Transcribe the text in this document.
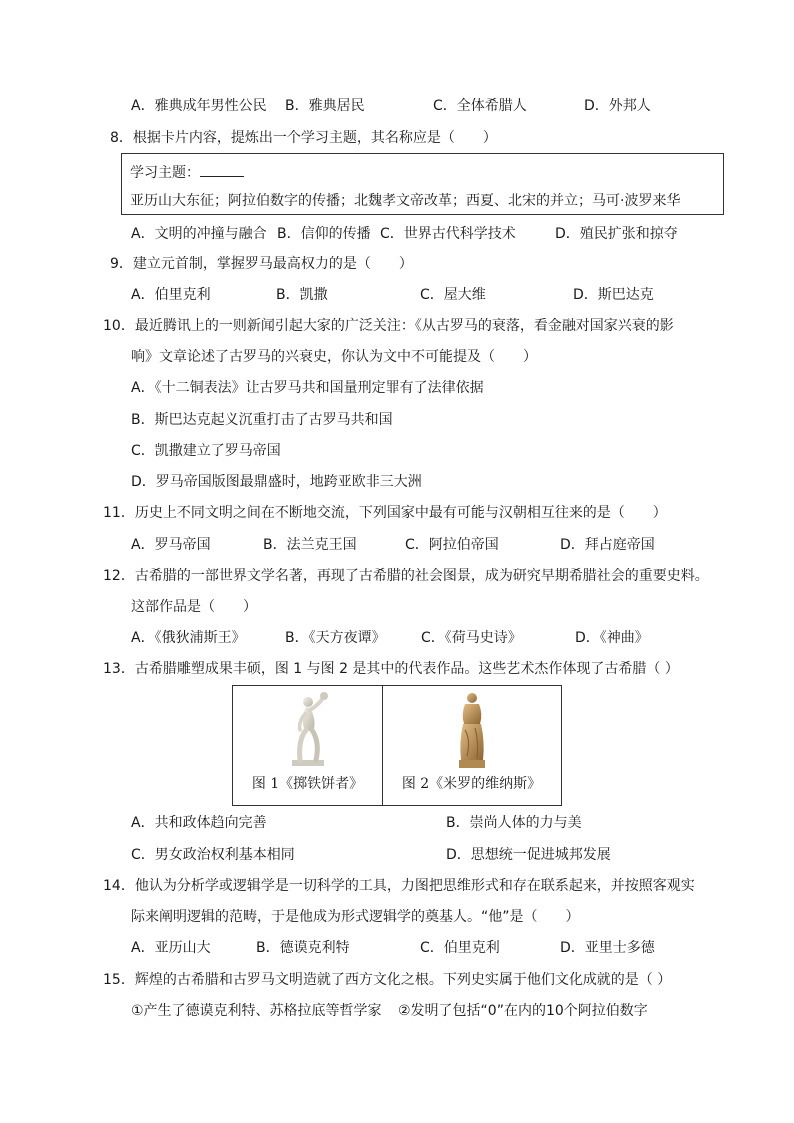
A．雅典成年男性公民 B．雅典居民	C．全体希腊人	D．外邦人
8．根据卡片内容，提炼出一个学习主题，其名称应是（　　）
学习主题：
亚历山大东征；阿拉伯数字的传播；北魏孝文帝改革；西夏、北宋的并立；马可·波罗来华
A．文明的冲撞与融合 B．信仰的传播 C．世界古代科学技术	D．殖民扩张和掠夺
9．建立元首制，掌握罗马最高权力的是（　　）
A．伯里克利	B．凯撒	C．屋大维	D．斯巴达克
10．最近腾讯上的一则新闻引起大家的广泛关注：《从古罗马的衰落，看金融对国家兴衰的影
响》文章论述了古罗马的兴衰史，你认为文中不可能提及（　　）
A．《十二铜表法》让古罗马共和国量刑定罪有了法律依据
B．斯巴达克起义沉重打击了古罗马共和国
C．凯撒建立了罗马帝国
D．罗马帝国版图最鼎盛时，地跨亚欧非三大洲
11．历史上不同文明之间在不断地交流，下列国家中最有可能与汉朝相互往来的是（　　）
A．罗马帝国	B．法兰克王国	C．阿拉伯帝国	D．拜占庭帝国
12．古希腊的一部世界文学名著，再现了古希腊的社会图景，成为研究早期希腊社会的重要史料。
这部作品是（　　）
A．《俄狄浦斯王》	B．《天方夜谭》	C．《荷马史诗》	D．《神曲》
13．古希腊雕塑成果丰硕，图 1 与图 2 是其中的代表作品。这些艺术杰作体现了古希腊（ ）
图 1《掷铁饼者》	图 2《米罗的维纳斯》
A．共和政体趋向完善	B．崇尚人体的力与美
C．男女政治权利基本相同	D．思想统一促进城邦发展
14．他认为分析学或逻辑学是一切科学的工具，力图把思维形式和存在联系起来，并按照客观实
际来阐明逻辑的范畴，于是他成为形式逻辑学的奠基人。“他”是（　　）
A．亚历山大	B．德谟克利特	C．伯里克利	D．亚里士多德
15．辉煌的古希腊和古罗马文明造就了西方文化之根。下列史实属于他们文化成就的是（ ）
①产生了德谟克利特、苏格拉底等哲学家 ②发明了包括“0”在内的10个阿拉伯数字
